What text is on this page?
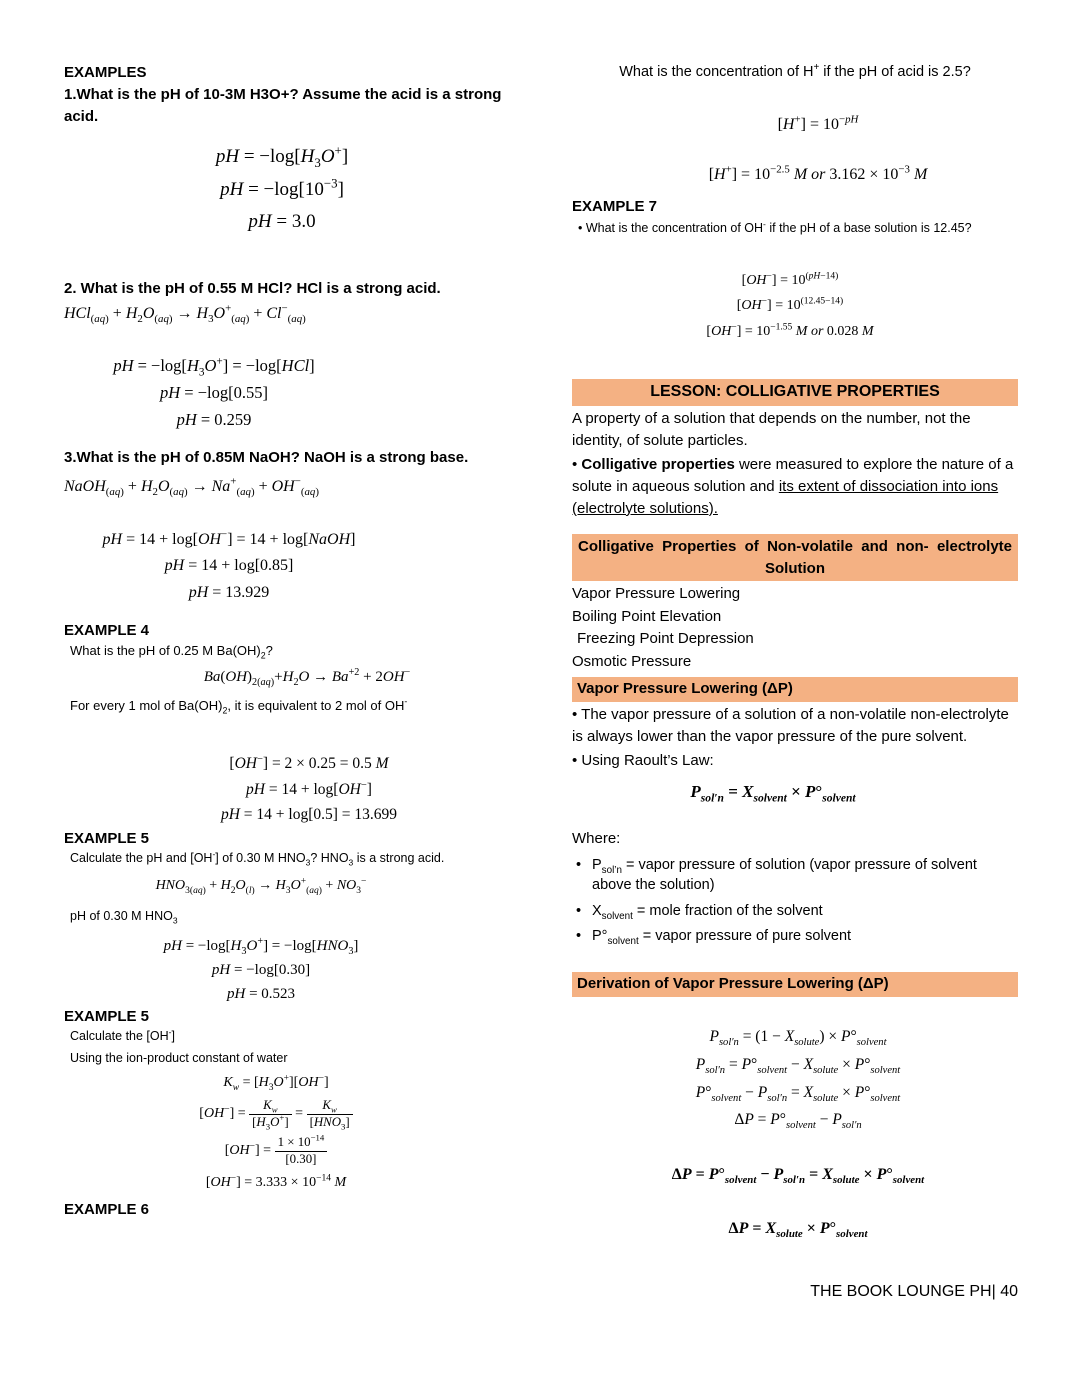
EXAMPLES
1.What is the pH of 10-3M H3O+? Assume the acid is a strong acid.
pH = $-\log[H_3O^+]$
pH = $-\log[10^{-3}]$
pH = 3.0
2. What is the pH of 0.55 M HCl? HCl is a strong acid.
$HCl_{(aq)} + H_2O_{(aq)} \to H_3O^+_{(aq)} + Cl^-_{(aq)}$
pH = $-\log[H_3O^+] = -\log[HCl]$
pH = −log[0.55]
pH = 0.259
3.What is the pH of 0.85M NaOH? NaOH is a strong base.
NaOH$_{(aq)}$ + $H_2O_{(aq)} \to Na^+_{(aq)} + OH^-_{(aq)}$
pH = 14 + log[OH−] = 14 + log[NaOH]
pH = 14 + log[0.85]
pH = 13.929
EXAMPLE 4
What is the pH of 0.25 M $Ba(OH)_2$?
$Ba(OH)_{2(aq)}+H_2O \to Ba^{+2} + 2OH^-$
For every 1 mol of $Ba(OH)_2$, it is equivalent to 2 mol of OH-
[OH−] = 2 × 0.25 = 0.5 M
pH = 14 + log[OH−]
pH = 14 + log[0.5] = 13.699
EXAMPLE 5
Calculate the pH and [OH-] of 0.30 M $HNO_3$? $HNO_3$ is a strong acid.
$HNO_{3(aq)} + H_2O_{(l)} \to H_3O^+_{(aq)} + NO_3^-$
pH of 0.30 M $HNO_3$
pH = $-\log[H_3O^+] = -\log[HNO_3]$
pH = −log[0.30]
pH = 0.523
EXAMPLE 5
Calculate the [OH-]
Using the ion-product constant of water
$K_w = [H_3O^+][OH^-]$
$[OH^-] = \frac{K_w}{[H_3O^+]} = \frac{K_w}{[HNO_3]}$
$[OH^-] = \frac{1 \times 10^{-14}}{[0.30]}$
$[OH^-] = 3.333 \times 10^{-14}$ M
EXAMPLE 6
What is the concentration of H+ if the pH of acid is 2.5?
$[H^+] = 10^{-pH}$
$[H^+] = 10^{-2.5}$ M or $3.162 \times 10^{-3}$ M
EXAMPLE 7
• What is the concentration of OH- if the pH of a base solution is 12.45?
$[OH^-] = 10^{(pH-14)}$
$[OH^-] = 10^{(12.45-14)}$
$[OH^-] = 10^{-1.55}$ M or 0.028 M
LESSON: COLLIGATIVE PROPERTIES
A property of a solution that depends on the number, not the identity, of solute particles.
• Colligative properties were measured to explore the nature of a solute in aqueous solution and its extent of dissociation into ions (electrolyte solutions).
Colligative Properties of Non-volatile and non- electrolyte Solution
Vapor Pressure Lowering
Boiling Point Elevation
Freezing Point Depression
Osmotic Pressure
Vapor Pressure Lowering (ΔP)
• The vapor pressure of a solution of a non-volatile non-electrolyte is always lower than the vapor pressure of the pure solvent.
• Using Raoult’s Law:
$P_{sol'n} = X_{solvent} \times P^\circ_{solvent}$
Where:
• $P_{sol’n}$ = vapor pressure of solution (vapor pressure of solvent above the solution)
• $X_{solvent}$ = mole fraction of the solvent
• $P^\circ_{solvent}$ = vapor pressure of pure solvent
Derivation of Vapor Pressure Lowering (ΔP)
$P_{sol'n} = (1 - X_{solute}) \times P^\circ_{solvent}$
$P_{sol'n} = P^\circ_{solvent} - X_{solute} \times P^\circ_{solvent}$
$P^\circ_{solvent} - P_{sol'n} = X_{solute} \times P^\circ_{solvent}$
$\Delta P = P^\circ_{solvent} - P_{sol'n}$
$\Delta P = P^\circ_{solvent} - P_{sol'n} = X_{solute} \times P^\circ_{solvent}$
$\Delta P = X_{solute} \times P^\circ_{solvent}$
THE BOOK LOUNGE PH| 40
